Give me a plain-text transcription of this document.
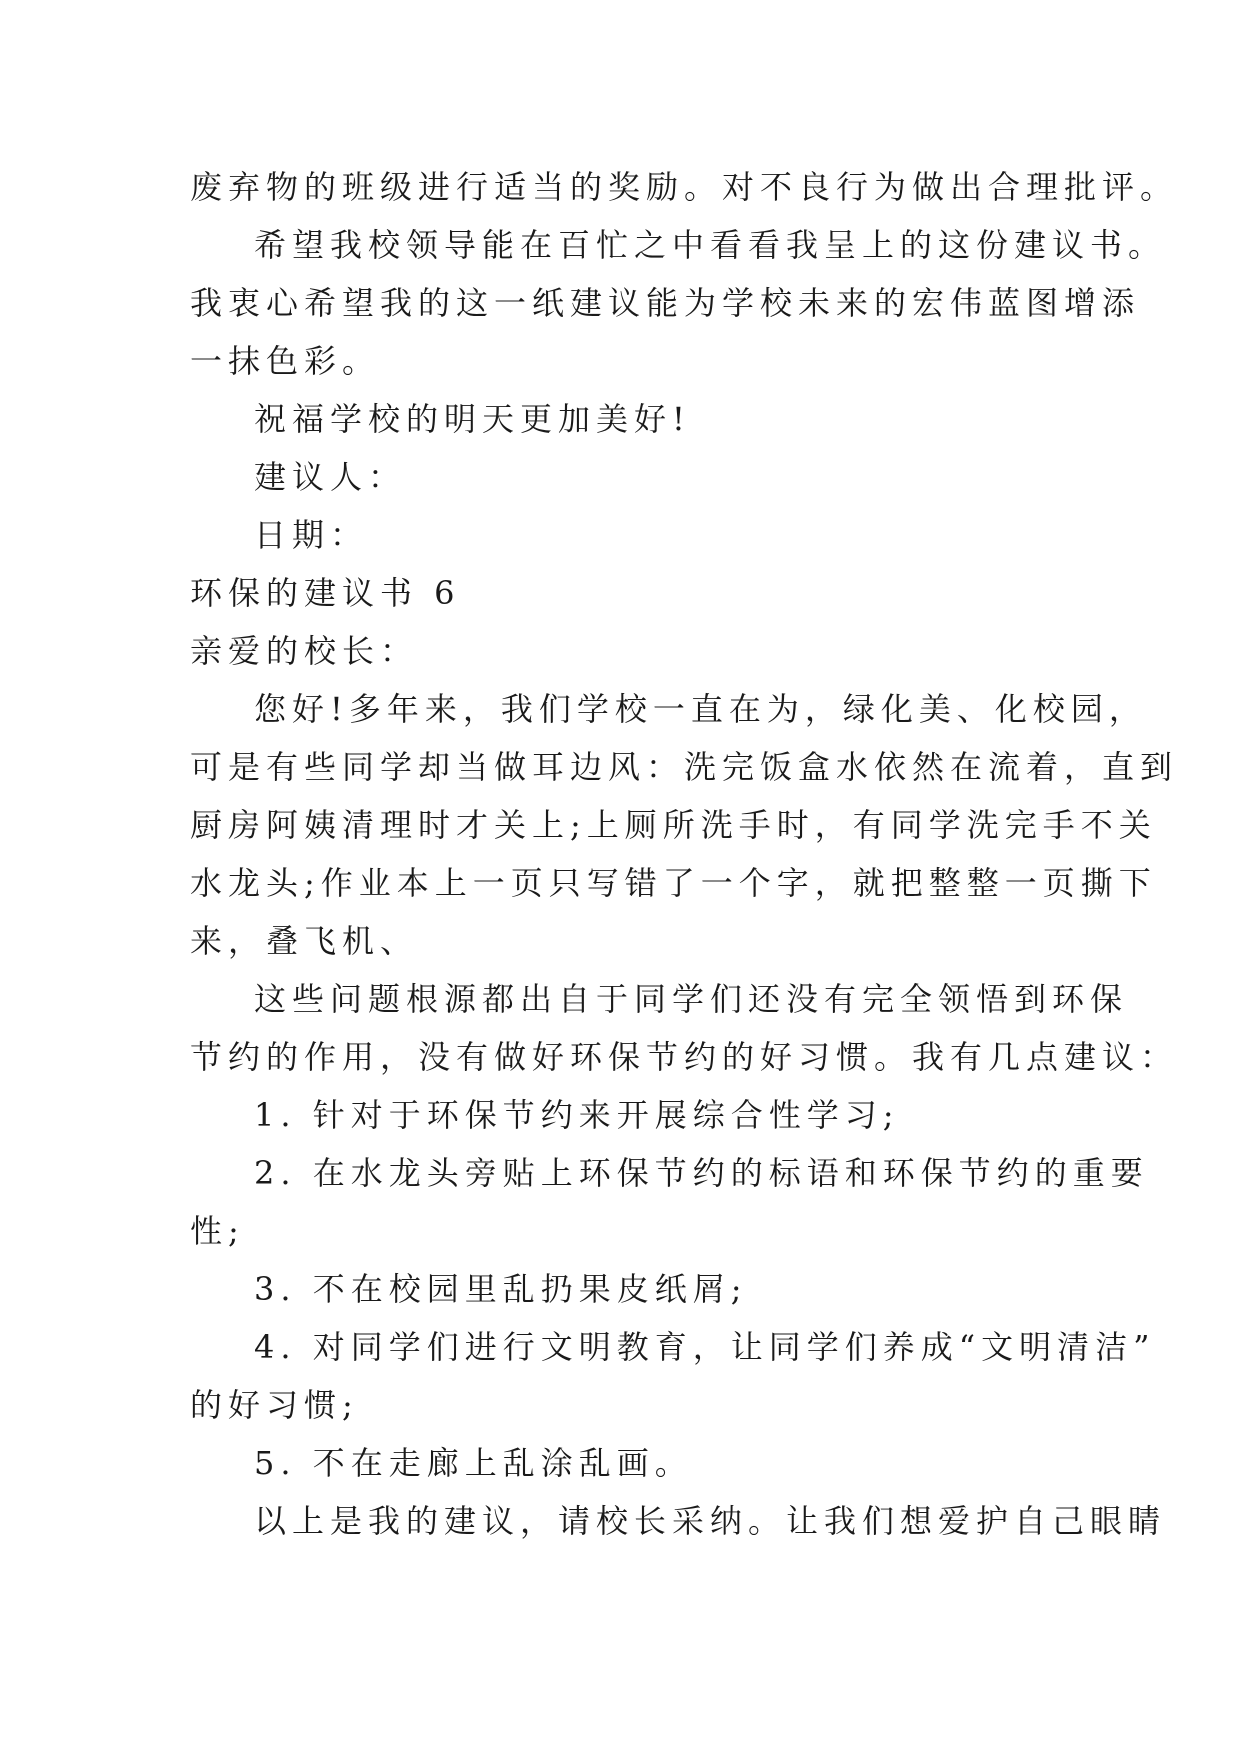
废弃物的班级进行适当的奖励。对不良行为做出合理批评。
希望我校领导能在百忙之中看看我呈上的这份建议书。
我衷心希望我的这一纸建议能为学校未来的宏伟蓝图增添
一抹色彩。
祝福学校的明天更加美好!
建议人：
日期：
环保的建议书 6
亲爱的校长：
您好!多年来，我们学校一直在为，绿化美、化校园，
可是有些同学却当做耳边风：洗完饭盒水依然在流着，直到
厨房阿姨清理时才关上;上厕所洗手时，有同学洗完手不关
水龙头;作业本上一页只写错了一个字，就把整整一页撕下
来，叠飞机、
这些问题根源都出自于同学们还没有完全领悟到环保
节约的作用，没有做好环保节约的好习惯。我有几点建议：
1. 针对于环保节约来开展综合性学习;
2. 在水龙头旁贴上环保节约的标语和环保节约的重要
性;
3. 不在校园里乱扔果皮纸屑;
4. 对同学们进行文明教育，让同学们养成“文明清洁”
的好习惯;
5. 不在走廊上乱涂乱画。
以上是我的建议，请校长采纳。让我们想爱护自己眼睛
